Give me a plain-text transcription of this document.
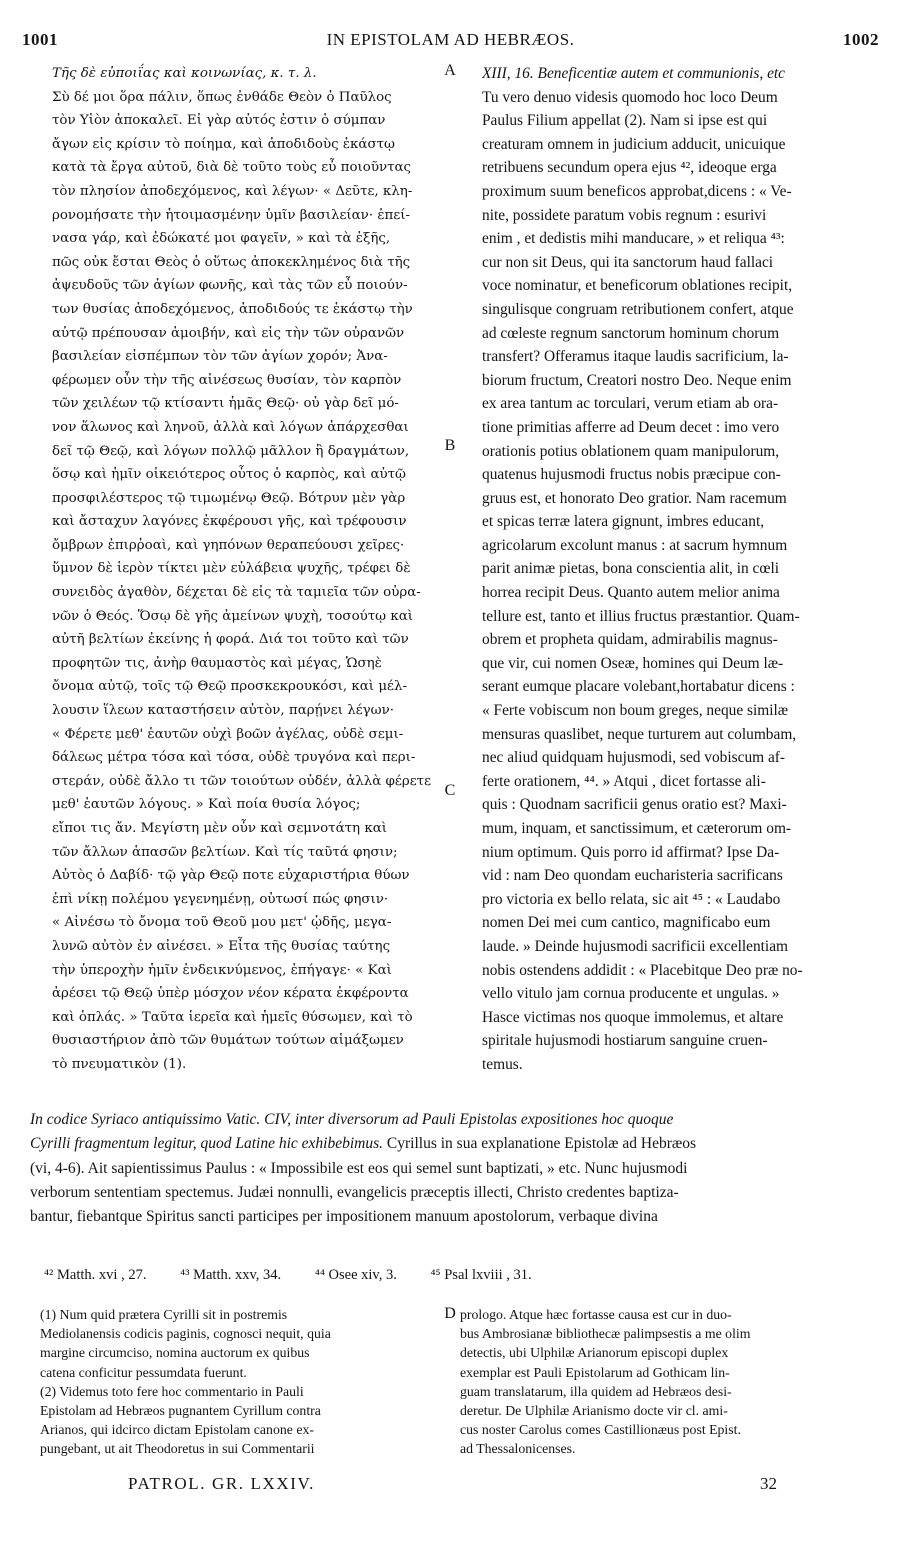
1001	IN EPISTOLAM AD HEBRÆOS.	1002
Τῆς δὲ εὐποιΐας καὶ κοινωνίας, κ. τ. λ.
Σὺ δέ μοι ὅρα πάλιν, ὅπως ἐνθάδε Θεὸν ὁ Παῦλος
τὸν Υἱὸν ἀποκαλεῖ. Εἰ γὰρ αὐτός ἐστιν ὁ σύμπαν
ἄγων εἰς κρίσιν τὸ ποίημα, καὶ ἀποδιδοὺς ἑκάστῳ
κατὰ τὰ ἔργα αὐτοῦ, διὰ δὲ τοῦτο τοὺς εὖ ποιοῦντας
τὸν πλησίον ἀποδεχόμενος, καὶ λέγων· « Δεῦτε, κλη-
ρονομήσατε τὴν ἡτοιμασμένην ὑμῖν βασιλείαν· ἐπεί-
νασα γάρ, καὶ ἐδώκατέ μοι φαγεῖν, » καὶ τὰ ἑξῆς,
πῶς οὐκ ἔσται Θεὸς ὁ οὕτως ἀποκεκλημένος διὰ τῆς
ἀψευδοῦς τῶν ἁγίων φωνῆς, καὶ τὰς τῶν εὖ ποιούν-
των θυσίας ἀποδεχόμενος, ἀποδιδούς τε ἑκάστῳ τὴν
αὐτῷ πρέπουσαν ἀμοιβήν, καὶ εἰς τὴν τῶν οὐρανῶν
βασιλείαν εἰσπέμπων τὸν τῶν ἁγίων χορόν; Ἀνα-
φέρωμεν οὖν τὴν τῆς αἰνέσεως θυσίαν, τὸν καρπὸν
τῶν χειλέων τῷ κτίσαντι ἡμᾶς Θεῷ· οὐ γὰρ δεῖ μό-
νον ἅλωνος καὶ ληνοῦ, ἀλλὰ καὶ λόγων ἀπάρχεσθαι
δεῖ τῷ Θεῷ, καὶ λόγων πολλῷ μᾶλλον ἢ δραγμάτων,
ὅσῳ καὶ ἡμῖν οἰκειότερος οὗτος ὁ καρπὸς, καὶ αὐτῷ
προσφιλέστερος τῷ τιμωμένῳ Θεῷ. Βότρυν μὲν γὰρ
καὶ ἄσταχυν λαγόνες ἐκφέρουσι γῆς, καὶ τρέφουσιν
ὄμβρων ἐπιρῤοαὶ, καὶ γηπόνων θεραπεύουσι χεῖρες·
ὕμνον δὲ ἱερὸν τίκτει μὲν εὐλάβεια ψυχῆς, τρέφει δὲ
συνειδὸς ἀγαθὸν, δέχεται δὲ εἰς τὰ ταμιεῖα τῶν οὐρα-
νῶν ὁ Θεός. Ὅσῳ δὲ γῆς ἀμείνων ψυχὴ, τοσούτῳ καὶ
αὐτῆ βελτίων ἐκείνης ἡ φορά. Διά τοι τοῦτο καὶ τῶν
προφητῶν τις, ἀνὴρ θαυμαστὸς καὶ μέγας, Ὡσηὲ
ὄνομα αὐτῷ, τοῖς τῷ Θεῷ προσκεκρουκόσι, καὶ μέλ-
λουσιν ἵλεων καταστήσειν αὐτὸν, παρῄνει λέγων·
« Φέρετε μεθ' ἑαυτῶν οὐχὶ βοῶν ἀγέλας, οὐδὲ σεμι-
δάλεως μέτρα τόσα καὶ τόσα, οὐδὲ τρυγόνα καὶ περι-
στεράν, οὐδὲ ἄλλο τι τῶν τοιούτων οὐδέν, ἀλλὰ φέρετε
μεθ' ἑαυτῶν λόγους. » Καὶ ποία θυσία λόγος;
εἴποι τις ἄν. Μεγίστη μὲν οὖν καὶ σεμνοτάτη καὶ
τῶν ἄλλων ἁπασῶν βελτίων. Καὶ τίς ταῦτά φησιν;
Αὐτὸς ὁ Δαβίδ· τῷ γὰρ Θεῷ ποτε εὐχαριστήρια θύων
ἐπὶ νίκῃ πολέμου γεγενημένῃ, οὑτωσί πώς φησιν·
« Αἰνέσω τὸ ὄνομα τοῦ Θεοῦ μου μετ' ᾠδῆς, μεγα-
λυνῶ αὐτὸν ἐν αἰνέσει. » Εἶτα τῆς θυσίας ταύτης
τὴν ὑπεροχὴν ἡμῖν ἐνδεικνύμενος, ἐπήγαγε· « Καὶ
ἀρέσει τῷ Θεῷ ὑπὲρ μόσχον νέον κέρατα ἐκφέροντα
καὶ ὁπλάς. » Ταῦτα ἱερεῖα καὶ ἡμεῖς θύσωμεν, καὶ τὸ
θυσιαστήριον ἀπὸ τῶν θυμάτων τούτων αἱμάξωμεν
τὸ πνευματικὸν (1).
A
B
C
D
XIII, 16. Beneficentiæ autem et communionis, etc
Tu vero denuo videsis quomodo hoc loco Deum
Paulus Filium appellat (2). Nam si ipse est qui
creaturam omnem in judicium adducit, unicuique
retribuens secundum opera ejus ⁴², ideoque erga
proximum suum beneficos approbat,dicens : « Ve-
nite, possidete paratum vobis regnum : esurivi
enim , et dedistis mihi manducare, » et reliqua ⁴³:
cur non sit Deus, qui ita sanctorum haud fallaci
voce nominatur, et beneficorum oblationes recipit,
singulisque congruam retributionem confert, atque
ad cœleste regnum sanctorum hominum chorum
transfert? Offeramus itaque laudis sacrificium, la-
biorum fructum, Creatori nostro Deo. Neque enim
ex area tantum ac torculari, verum etiam ab ora-
tione primitias afferre ad Deum decet : imo vero
orationis potius oblationem quam manipulorum,
quatenus hujusmodi fructus nobis præcipue con-
gruus est, et honorato Deo gratior. Nam racemum
et spicas terræ latera gignunt, imbres educant,
agricolarum excolunt manus : at sacrum hymnum
parit animæ pietas, bona conscientia alit, in cœli
horrea recipit Deus. Quanto autem melior anima
tellure est, tanto et illius fructus præstantior. Quam-
obrem et propheta quidam, admirabilis magnus-
que vir, cui nomen Oseæ, homines qui Deum læ-
serant eumque placare volebant,hortabatur dicens :
« Ferte vobiscum non boum greges, neque similæ
mensuras quaslibet, neque turturem aut columbam,
nec aliud quidquam hujusmodi, sed vobiscum af-
ferte orationem, ⁴⁴. » Atqui , dicet fortasse ali-
quis : Quodnam sacrificii genus oratio est? Maxi-
mum, inquam, et sanctissimum, et cæterorum om-
nium optimum. Quis porro id affirmat? Ipse Da-
vid : nam Deo quondam eucharisteria sacrificans
pro victoria ex bello relata, sic ait ⁴⁵ : « Laudabo
nomen Dei mei cum cantico, magnificabo eum
laude. » Deinde hujusmodi sacrificii excellentiam
nobis ostendens addidit : « Placebitque Deo præ no-
vello vitulo jam cornua producente et ungulas. »
Hasce victimas nos quoque immolemus, et altare
spiritale hujusmodi hostiarum sanguine cruen-
temus.
In codice Syriaco antiquissimo Vatic. CIV, inter diversorum ad Pauli Epistolas expositiones hoc quoque
Cyrilli fragmentum legitur, quod Latine hic exhibebimus. Cyrillus in sua explanatione Epistolæ ad Hebræos
(vi, 4-6). Ait sapientissimus Paulus : « Impossibile est eos qui semel sunt baptizati, » etc. Nunc hujusmodi
verborum sententiam spectemus. Judæi nonnulli, evangelicis præceptis illecti, Christo credentes baptiza-
bantur, fiebantque Spiritus sancti participes per impositionem manuum apostolorum, verbaque divina
⁴² Matth. xvi , 27. ⁴³ Matth. xxv, 34. ⁴⁴ Osee xiv, 3. ⁴⁵ Psal lxviii , 31.
(1) Num quid prætera Cyrilli sit in postremis
Mediolanensis codicis paginis, cognosci nequit, quia
margine circumciso, nomina auctorum ex quibus
catena conficitur pessumdata fuerunt.
(2) Videmus toto fere hoc commentario in Pauli
Epistolam ad Hebræos pugnantem Cyrillum contra
Arianos, qui idcirco dictam Epistolam canone ex-
pungebant, ut ait Theodoretus in sui Commentarii
prologo. Atque hæc fortasse causa est cur in duo-
bus Ambrosianæ bibliothecæ palimpsestis a me olim
detectis, ubi Ulphilæ Arianorum episcopi duplex
exemplar est Pauli Epistolarum ad Gothicam lin-
guam translatarum, illa quidem ad Hebræos desi-
deretur. De Ulphilæ Arianismo docte vir cl. ami-
cus noster Carolus comes Castillionæus post Epist.
ad Thessalonicenses.
PATROL. GR. LXXIV.	32
